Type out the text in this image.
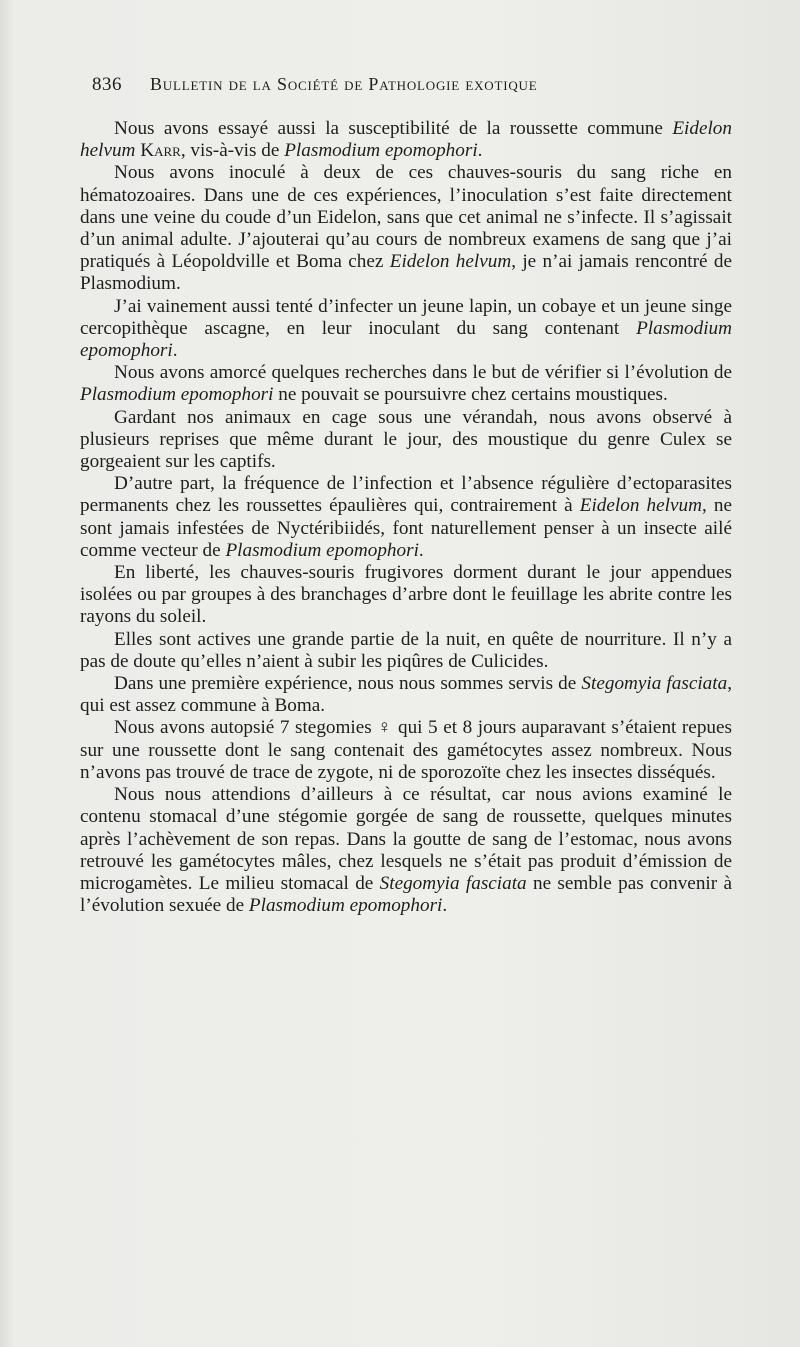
836 Bulletin de la Société de Pathologie exotique

Nous avons essayé aussi la susceptibilité de la roussette commune Eidelon helvum Karr, vis-à-vis de Plasmodium epomophori.

Nous avons inoculé à deux de ces chauves-souris du sang riche en hématozoaires. Dans une de ces expériences, l’inoculation s’est faite directement dans une veine du coude d’un Eidelon, sans que cet animal ne s’infecte. Il s’agissait d’un animal adulte. J’ajouterai qu’au cours de nombreux examens de sang que j’ai pratiqués à Léopoldville et Boma chez Eidelon helvum, je n’ai jamais rencontré de Plasmodium.

J’ai vainement aussi tenté d’infecter un jeune lapin, un cobaye et un jeune singe cercopithèque ascagne, en leur inoculant du sang contenant Plasmodium epomophori.

Nous avons amorcé quelques recherches dans le but de vérifier si l’évolution de Plasmodium epomophori ne pouvait se poursuivre chez certains moustiques.

Gardant nos animaux en cage sous une vérandah, nous avons observé à plusieurs reprises que même durant le jour, des moustique du genre Culex se gorgeaient sur les captifs.

D’autre part, la fréquence de l’infection et l’absence régulière d’ectoparasites permanents chez les roussettes épaulières qui, contrairement à Eidelon helvum, ne sont jamais infestées de Nyctéribiidés, font naturellement penser à un insecte ailé comme vecteur de Plasmodium epomophori.

En liberté, les chauves-souris frugivores dorment durant le jour appendues isolées ou par groupes à des branchages d’arbre dont le feuillage les abrite contre les rayons du soleil.

Elles sont actives une grande partie de la nuit, en quête de nourriture. Il n’y a pas de doute qu’elles n’aient à subir les piqûres de Culicides.

Dans une première expérience, nous nous sommes servis de Stegomyia fasciata, qui est assez commune à Boma.

Nous avons autopsié 7 stegomies ♀ qui 5 et 8 jours auparavant s’étaient repues sur une roussette dont le sang contenait des gamétocytes assez nombreux. Nous n’avons pas trouvé de trace de zygote, ni de sporozoïte chez les insectes disséqués.

Nous nous attendions d’ailleurs à ce résultat, car nous avions examiné le contenu stomacal d’une stégomie gorgée de sang de roussette, quelques minutes après l’achèvement de son repas. Dans la goutte de sang de l’estomac, nous avons retrouvé les gamétocytes mâles, chez lesquels ne s’était pas produit d’émission de microgamètes. Le milieu stomacal de Stegomyia fasciata ne semble pas convenir à l’évolution sexuée de Plasmodium epomophori.
